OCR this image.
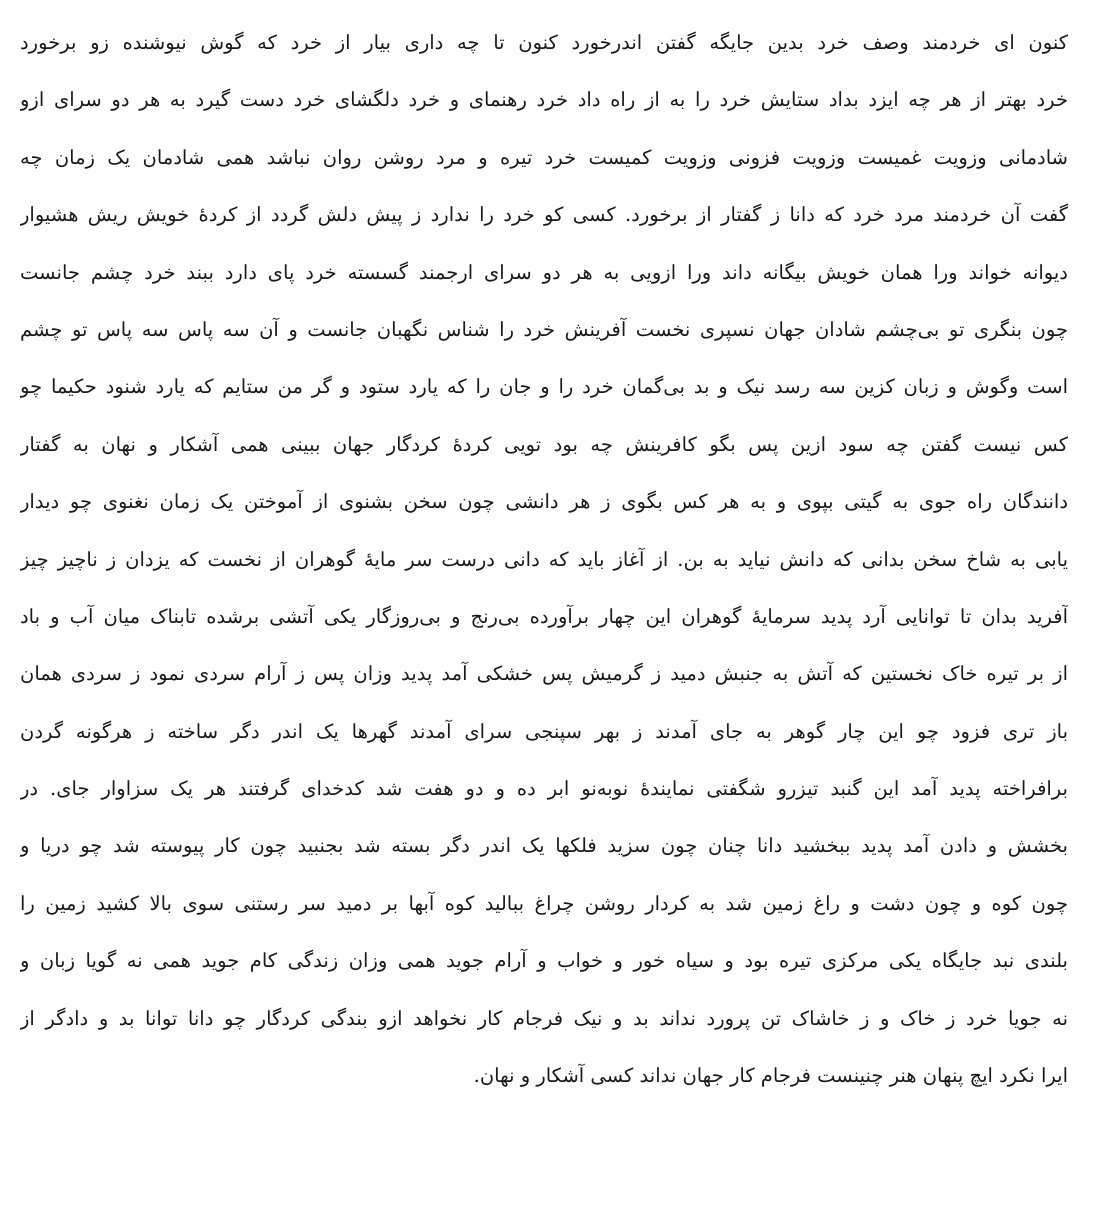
کنون ای خردمند وصف خرد بدین جایگه گفتن اندرخورد کنون تا چه داری بیار از خرد که گوش نیوشنده زو برخورد
خرد بهتر از هر چه ایزد بداد ستایش خرد را به از راه داد خرد رهنمای و خرد دلگشای خرد دست گیرد به هر دو سرای ازو
شادمانی وزویت غمیست وزویت فزونی وزویت کمیست خرد تیره و مرد روشن روان نباشد همی شادمان یک زمان چه
گفت آن خردمند مرد خرد که دانا ز گفتار از برخورد. کسی کو خرد را ندارد ز پیش دلش گردد از کردهٔ خویش ریش هشیوار
دیوانه خواند ورا همان خویش بیگانه داند ورا ازویی به هر دو سرای ارجمند گسسته خرد پای دارد ببند خرد چشم جانست
چون بنگری تو بی‌چشم شادان جهان نسپری نخست آفرینش خرد را شناس نگهبان جانست و آن سه پاس سه پاس تو چشم
است وگوش و زبان کزین سه رسد نیک و بد بی‌گمان خرد را و جان را که یارد ستود و گر من ستایم که یارد شنود حکیما چو
کس نیست گفتن چه سود ازین پس بگو کافرینش چه بود تویی کردهٔ کردگار جهان ببینی همی آشکار و نهان به گفتار
دانندگان راه جوی به گیتی بپوی و به هر کس بگوی ز هر دانشی چون سخن بشنوی از آموختن یک زمان نغنوی چو دیدار
یابی به شاخ سخن بدانی که دانش نیاید به بن. از آغاز باید که دانی درست سر مایهٔ گوهران از نخست که یزدان ز ناچیز چیز
آفرید بدان تا توانایی آرد پدید سرمایهٔ گوهران این چهار برآورده بی‌رنج و بی‌روزگار یکی آتشی برشده تابناک میان آب و باد
از بر تیره خاک نخستین که آتش به جنبش دمید ز گرمیش پس خشکی آمد پدید وزان پس ز آرام سردی نمود ز سردی همان
باز تری فزود چو این چار گوهر به جای آمدند ز بهر سپنجی سرای آمدند گهرها یک اندر دگر ساخته ز هرگونه گردن
برافراخته پدید آمد این گنبد تیزرو شگفتی نمایندهٔ نوبه‌نو ابر ده و دو هفت شد کدخدای گرفتند هر یک سزاوار جای. در
بخشش و دادن آمد پدید ببخشید دانا چنان چون سزید فلکها یک اندر دگر بسته شد بجنبید چون کار پیوسته شد چو دریا و
چون کوه و چون دشت و راغ زمین شد به کردار روشن چراغ ببالید کوه آبها بر دمید سر رستنی سوی بالا کشید زمین را
بلندی نبد جایگاه یکی مرکزی تیره بود و سیاه خور و خواب و آرام جوید همی وزان زندگی کام جوید همی نه گویا زبان و
نه جویا خرد ز خاک و ز خاشاک تن پرورد نداند بد و نیک فرجام کار نخواهد ازو بندگی کردگار چو دانا توانا بد و دادگر از
ایرا نکرد ایچ پنهان هنر چنینست فرجام کار جهان نداند کسی آشکار و نهان.
